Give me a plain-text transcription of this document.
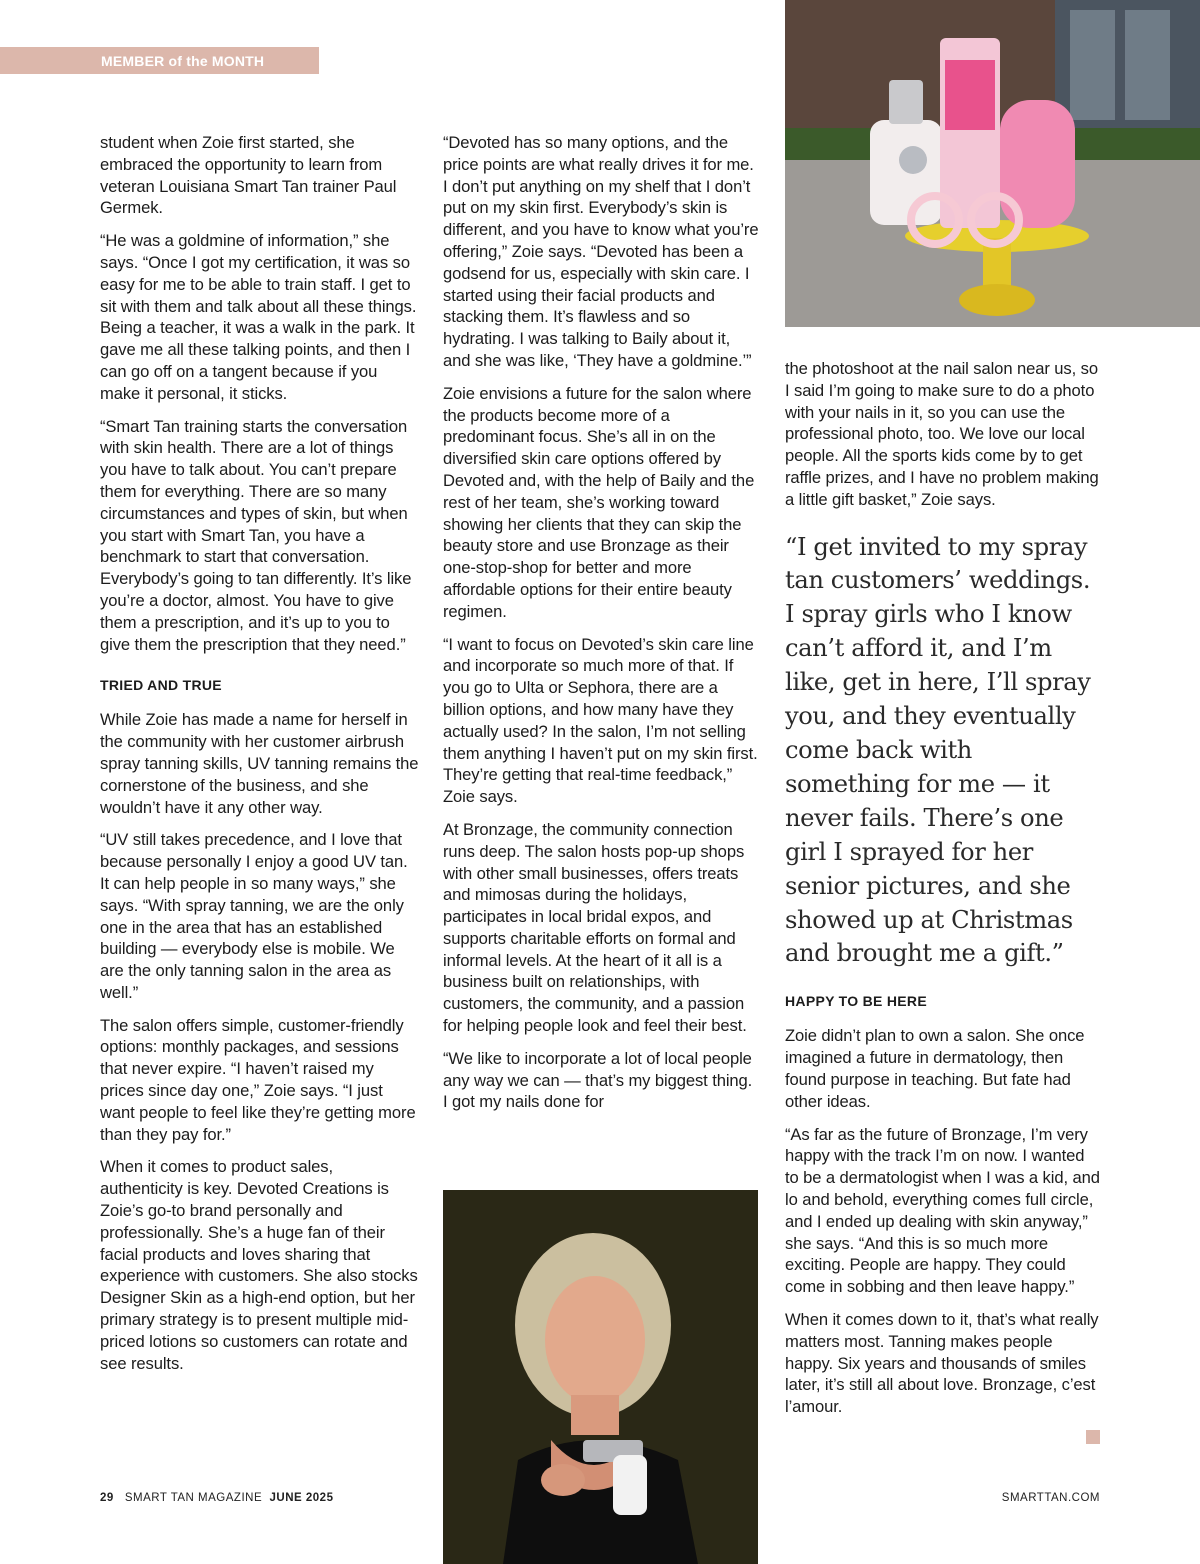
MEMBER of the MONTH

student when Zoie first started, she embraced the opportunity to learn from veteran Louisiana Smart Tan trainer Paul Germek.

“He was a goldmine of information,” she says. “Once I got my certification, it was so easy for me to be able to train staff. I get to sit with them and talk about all these things. Being a teacher, it was a walk in the park. It gave me all these talking points, and then I can go off on a tangent because if you make it personal, it sticks.

“Smart Tan training starts the conversation with skin health. There are a lot of things you have to talk about. You can’t prepare them for everything. There are so many circumstances and types of skin, but when you start with Smart Tan, you have a benchmark to start that conversation. Everybody’s going to tan differently. It’s like you’re a doctor, almost. You have to give them a prescription, and it’s up to you to give them the prescription that they need.”

TRIED AND TRUE

While Zoie has made a name for herself in the community with her customer airbrush spray tanning skills, UV tanning remains the cornerstone of the business, and she wouldn’t have it any other way.

“UV still takes precedence, and I love that because personally I enjoy a good UV tan. It can help people in so many ways,” she says. “With spray tanning, we are the only one in the area that has an established building — everybody else is mobile. We are the only tanning salon in the area as well.”

The salon offers simple, customer-friendly options: monthly packages, and sessions that never expire. “I haven’t raised my prices since day one,” Zoie says. “I just want people to feel like they’re getting more than they pay for.”

When it comes to product sales, authenticity is key. Devoted Creations is Zoie’s go-to brand personally and professionally. She’s a huge fan of their facial products and loves sharing that experience with customers. She also stocks Designer Skin as a high-end option, but her primary strategy is to present multiple mid-priced lotions so customers can rotate and see results.

“Devoted has so many options, and the price points are what really drives it for me. I don’t put anything on my shelf that I don’t put on my skin first. Everybody’s skin is different, and you have to know what you’re offering,” Zoie says. “Devoted has been a godsend for us, especially with skin care. I started using their facial products and stacking them. It’s flawless and so hydrating. I was talking to Baily about it, and she was like, ‘They have a goldmine.’”

Zoie envisions a future for the salon where the products become more of a predominant focus. She’s all in on the diversified skin care options offered by Devoted and, with the help of Baily and the rest of her team, she’s working toward showing her clients that they can skip the beauty store and use Bronzage as their one-stop-shop for better and more affordable options for their entire beauty regimen.

“I want to focus on Devoted’s skin care line and incorporate so much more of that. If you go to Ulta or Sephora, there are a billion options, and how many have they actually used? In the salon, I’m not selling them anything I haven’t put on my skin first. They’re getting that real-time feedback,” Zoie says.

At Bronzage, the community connection runs deep. The salon hosts pop-up shops with other small businesses, offers treats and mimosas during the holidays, participates in local bridal expos, and supports charitable efforts on formal and informal levels. At the heart of it all is a business built on relationships, with customers, the community, and a passion for helping people look and feel their best.

“We like to incorporate a lot of local people any way we can — that’s my biggest thing. I got my nails done for

the photoshoot at the nail salon near us, so I said I’m going to make sure to do a photo with your nails in it, so you can use the professional photo, too. We love our local people. All the sports kids come by to get raffle prizes, and I have no problem making a little gift basket,” Zoie says.

“I get invited to my spray tan customers’ weddings. I spray girls who I know can’t afford it, and I’m like, get in here, I’ll spray you, and they eventually come back with something for me — it never fails. There’s one girl I sprayed for her senior pictures, and she showed up at Christmas and brought me a gift.”
HAPPY TO BE HERE

Zoie didn’t plan to own a salon. She once imagined a future in dermatology, then found purpose in teaching. But fate had other ideas.

“As far as the future of Bronzage, I’m very happy with the track I’m on now. I wanted to be a dermatologist when I was a kid, and lo and behold, everything comes full circle, and I ended up dealing with skin anyway,” she says. “And this is so much more exciting. People are happy. They could come in sobbing and then leave happy.”

When it comes down to it, that’s what really matters most. Tanning makes people happy. Six years and thousands of smiles later, it’s still all about love. Bronzage, c’est l’amour.

29 SMART TAN MAGAZINE JUNE 2025	SMARTTAN.COM
